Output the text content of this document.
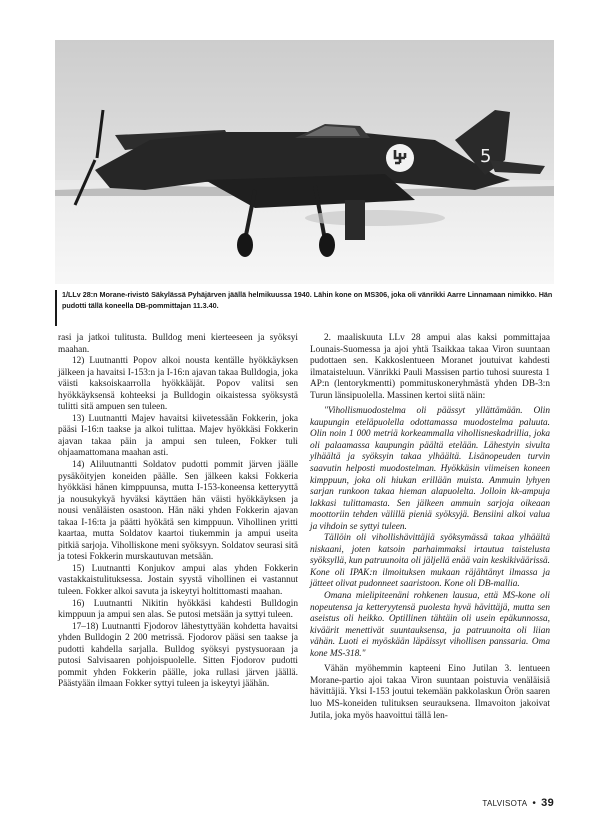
5
1/LLv 28:n Morane-rivistö Säkylässä Pyhäjärven jäällä helmikuussa 1940. Lähin kone on MS306, joka oli vänrikki Aarre Linnamaan nimikko. Hän pudotti tällä koneella DB-pommittajan 11.3.40.

rasi ja jatkoi tulitusta. Bulldog meni kierteeseen ja syöksyi maahan.

12) Luutnantti Popov alkoi nousta kentälle hyökkäyksen jälkeen ja havaitsi I-153:n ja I-16:n ajavan takaa Bulldogia, joka väisti kaksoiskaarrolla hyökkääjät. Popov valitsi sen hyökkäyksensä kohteeksi ja Bulldogin oikaistessa syöksystä tulitti sitä ampuen sen tuleen.

13) Luutnantti Majev havaitsi kiivetessään Fokkerin, joka pääsi I-16:n taakse ja alkoi tulittaa. Majev hyökkäsi Fokkerin ajavan takaa päin ja ampui sen tuleen, Fokker tuli ohjaamattomana maahan asti.

14) Aliluutnantti Soldatov pudotti pommit järven jäälle pysäköityjen koneiden päälle. Sen jälkeen kaksi Fokkeria hyökkäsi hänen kimppuunsa, mutta I-153-koneensa ketteryyttä ja nousukykyä hyväksi käyttäen hän väisti hyökkäyksen ja nousi venäläisten osastoon. Hän näki yhden Fokkerin ajavan takaa I-16:ta ja päätti hyökätä sen kimppuun. Vihollinen yritti kaartaa, mutta Soldatov kaartoi tiukemmin ja ampui useita pitkiä sarjoja. Viholliskone meni syöksyyn. Soldatov seurasi sitä ja totesi Fokkerin murskautuvan metsään.

15) Luutnantti Konjukov ampui alas yhden Fokkerin vastakkaistulituksessa. Jostain syystä vihollinen ei vastannut tuleen. Fokker alkoi savuta ja iskeytyi holtittomasti maahan.

16) Luutnantti Nikitin hyökkäsi kahdesti Bulldogin kimppuun ja ampui sen alas. Se putosi metsään ja syttyi tuleen.

17–18) Luutnantti Fjodorov lähestyttyään kohdetta havaitsi yhden Bulldogin 2 200 metrissä. Fjodorov pääsi sen taakse ja pudotti kahdella sarjalla. Bulldog syöksyi pystysuoraan ja putosi Salvisaaren pohjoispuolelle. Sitten Fjodorov pudotti pommit yhden Fokkerin päälle, joka rullasi järven jäällä. Päästyään ilmaan Fokker syttyi tuleen ja iskeytyi jäähän.

2. maaliskuuta LLv 28 ampui alas kaksi pommittajaa Lounais-Suomessa ja ajoi yhtä Tsaikkaa takaa Viron suuntaan pudottaen sen. Kakkoslentueen Moranet joutuivat kahdesti ilmataisteluun. Vänrikki Pauli Massisen partio tuhosi suuresta 1 AP:n (lentorykmentti) pommituskoneryhmästä yhden DB-3:n Turun länsipuolella. Massinen kertoi siitä näin:

"Vihollismuodostelma oli päässyt yllättämään. Olin kaupungin eteläpuolella odottamassa muodostelma paluuta. Olin noin 1 000 metriä korkeammalla vihollisneskadrillia, joka oli palaamassa kaupungin päältä etelään. Lähestyin sivulta ylhäältä ja syöksyin takaa ylhäältä. Lisänopeuden turvin saavutin helposti muodostelman. Hyökkäsin viimeisen koneen kimppuun, joka oli hiukan erillään muista. Ammuin lyhyen sarjan runkoon takaa hieman alapuolelta. Jolloin kk-ampuja lakkasi tulittamasta. Sen jälkeen ammuin sarjoja oikeaan moottoriin tehden välillä pieniä syöksyjä. Bensiini alkoi valua ja vihdoin se syttyi tuleen.

Tällöin oli vihollishävittäjiä syöksymässä takaa ylhäältä niskaani, joten katsoin parhaimmaksi irtautua taistelusta syöksyllä, kun patruunoita oli jäljellä enää vain keskikiväärissä. Kone oli IPAK:n ilmoituksen mukaan räjähtänyt ilmassa ja jätteet olivat pudonneet saaristoon. Kone oli DB-mallia.

Omana mielipiteenäni rohkenen lausua, että MS-kone oli nopeutensa ja ketteryytensä puolesta hyvä hävittäjä, mutta sen aseistus oli heikko. Optillinen tähtäin oli usein epäkunnossa, kiväärit menettivät suuntauksensa, ja patruunoita oli liian vähän. Luoti ei myöskään läpäissyt vihollisen panssaria. Oma kone MS-318."

Vähän myöhemmin kapteeni Eino Jutilan 3. lentueen Morane-partio ajoi takaa Viron suuntaan poistuvia venäläisiä hävittäjiä. Yksi I-153 joutui tekemään pakkolaskun Örön saaren luo MS-koneiden tulituksen seurauksena. Ilmavoiton jakoivat Jutila, joka myös haavoittui tällä len-

TALVISOTA • 39
